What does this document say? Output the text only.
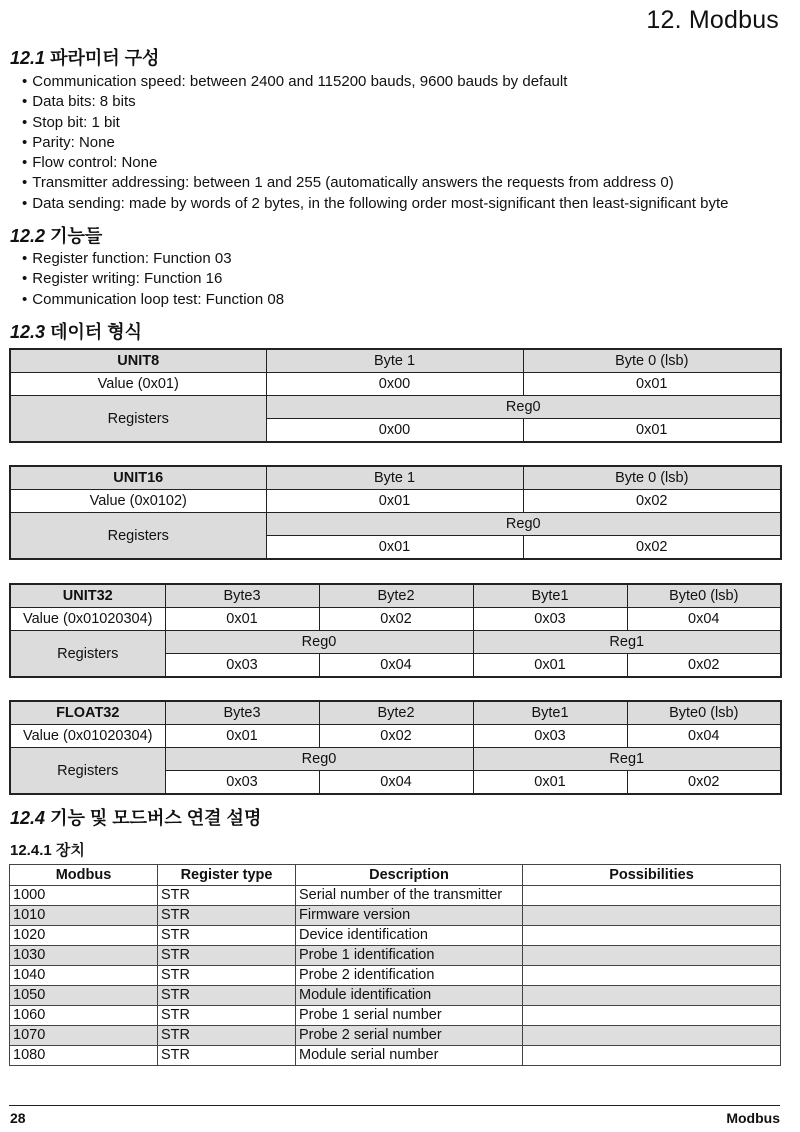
12. Modbus
12.1 파라미터 구성
• Communication speed: between 2400 and 115200 bauds, 9600 bauds by default
• Data bits: 8 bits
• Stop bit: 1 bit
• Parity: None
• Flow control: None
• Transmitter addressing: between 1 and 255 (automatically answers the requests from address 0)
• Data sending: made by words of 2 bytes, in the following order most-significant then least-significant byte
12.2 기능들
• Register function: Function 03
• Register writing: Function 16
• Communication loop test: Function 08
12.3 데이터 형식
UNIT8	Byte 1	Byte 0 (lsb)
Value (0x01)	0x00	0x01
Registers	Reg0	
	0x00	0x01
UNIT16	Byte 1	Byte 0 (lsb)
Value (0x0102)	0x01	0x02
Registers	Reg0	
	0x01	0x02
UNIT32	Byte3	Byte2	Byte1	Byte0 (lsb)
Value (0x01020304)	0x01	0x02	0x03	0x04
Registers	Reg0		Reg1	
	0x03	0x04	0x01	0x02
FLOAT32	Byte3	Byte2	Byte1	Byte0 (lsb)
Value (0x01020304)	0x01	0x02	0x03	0x04
Registers	Reg0		Reg1	
	0x03	0x04	0x01	0x02
12.4 기능 및 모드버스 연결 설명
12.4.1 장치
Modbus	Register type	Description	Possibilities
1000	STR	Serial number of the transmitter	
1010	STR	Firmware version	
1020	STR	Device identification	
1030	STR	Probe 1 identification	
1040	STR	Probe 2 identification	
1050	STR	Module identification	
1060	STR	Probe 1 serial number	
1070	STR	Probe 2 serial number	
1080	STR	Module serial number	
28	Modbus
